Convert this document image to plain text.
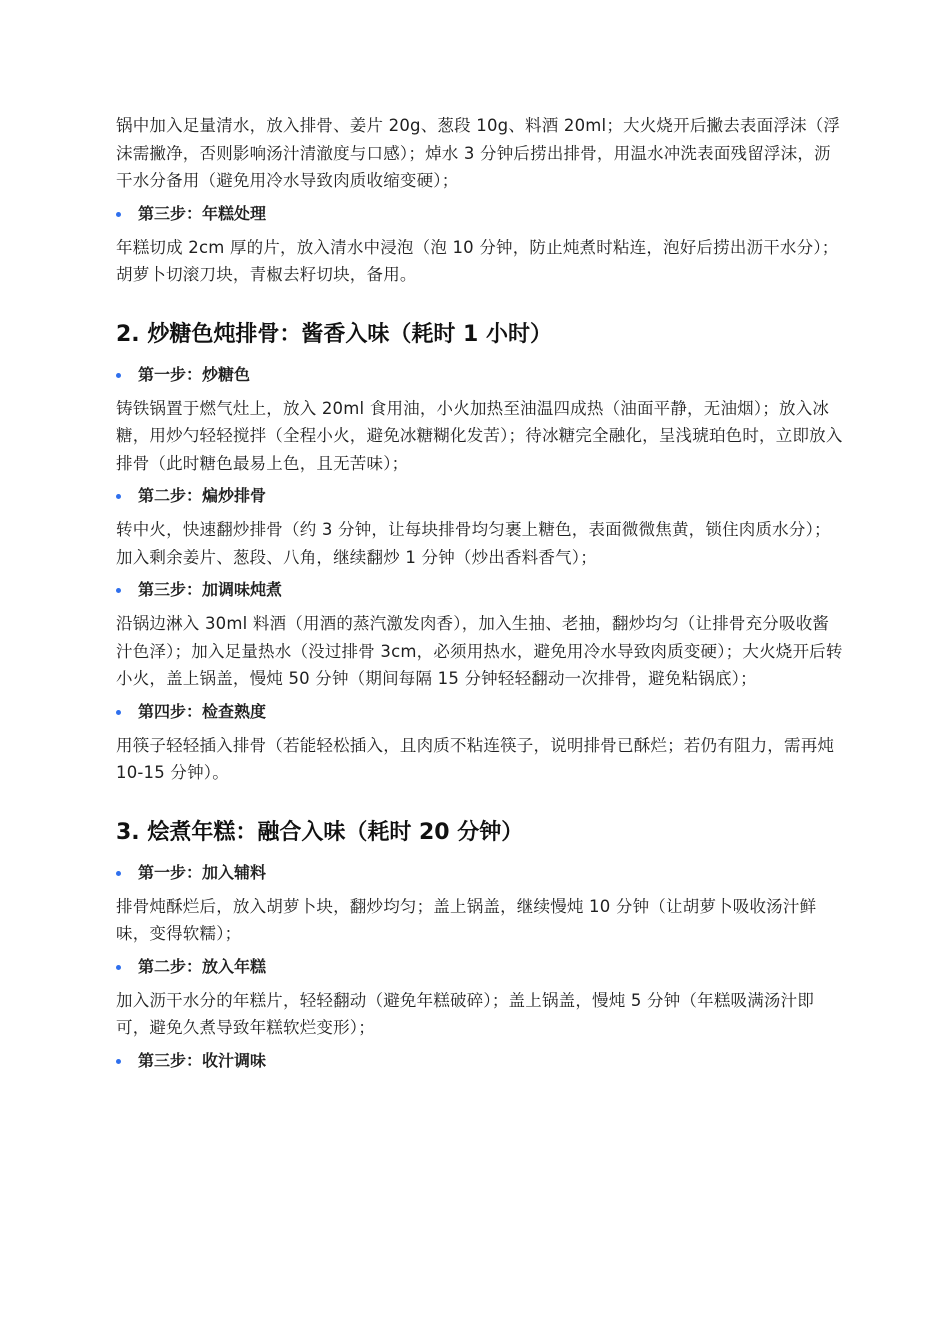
锅中加入足量清水，放入排骨、姜片 20g、葱段 10g、料酒 20ml；大火烧开后撇去表面浮沫（浮沫需撇净，否则影响汤汁清澈度与口感）；焯水 3 分钟后捞出排骨，用温水冲洗表面残留浮沫，沥干水分备用（避免用冷水导致肉质收缩变硬）；

第三步：年糕处理

年糕切成 2cm 厚的片，放入清水中浸泡（泡 10 分钟，防止炖煮时粘连，泡好后捞出沥干水分）；胡萝卜切滚刀块，青椒去籽切块，备用。

2. 炒糖色炖排骨：酱香入味（耗时 1 小时）
第一步：炒糖色

铸铁锅置于燃气灶上，放入 20ml 食用油，小火加热至油温四成热（油面平静，无油烟）；放入冰糖，用炒勺轻轻搅拌（全程小火，避免冰糖糊化发苦）；待冰糖完全融化，呈浅琥珀色时，立即放入排骨（此时糖色最易上色，且无苦味）；

第二步：煸炒排骨

转中火，快速翻炒排骨（约 3 分钟，让每块排骨均匀裹上糖色，表面微微焦黄，锁住肉质水分）；加入剩余姜片、葱段、八角，继续翻炒 1 分钟（炒出香料香气）；

第三步：加调味炖煮

沿锅边淋入 30ml 料酒（用酒的蒸汽激发肉香），加入生抽、老抽，翻炒均匀（让排骨充分吸收酱汁色泽）；加入足量热水（没过排骨 3cm，必须用热水，避免用冷水导致肉质变硬）；大火烧开后转小火，盖上锅盖，慢炖 50 分钟（期间每隔 15 分钟轻轻翻动一次排骨，避免粘锅底）；

第四步：检查熟度

用筷子轻轻插入排骨（若能轻松插入，且肉质不粘连筷子，说明排骨已酥烂；若仍有阻力，需再炖 10-15 分钟）。

3. 烩煮年糕：融合入味（耗时 20 分钟）
第一步：加入辅料

排骨炖酥烂后，放入胡萝卜块，翻炒均匀；盖上锅盖，继续慢炖 10 分钟（让胡萝卜吸收汤汁鲜味，变得软糯）；

第二步：放入年糕

加入沥干水分的年糕片，轻轻翻动（避免年糕破碎）；盖上锅盖，慢炖 5 分钟（年糕吸满汤汁即可，避免久煮导致年糕软烂变形）；

第三步：收汁调味
